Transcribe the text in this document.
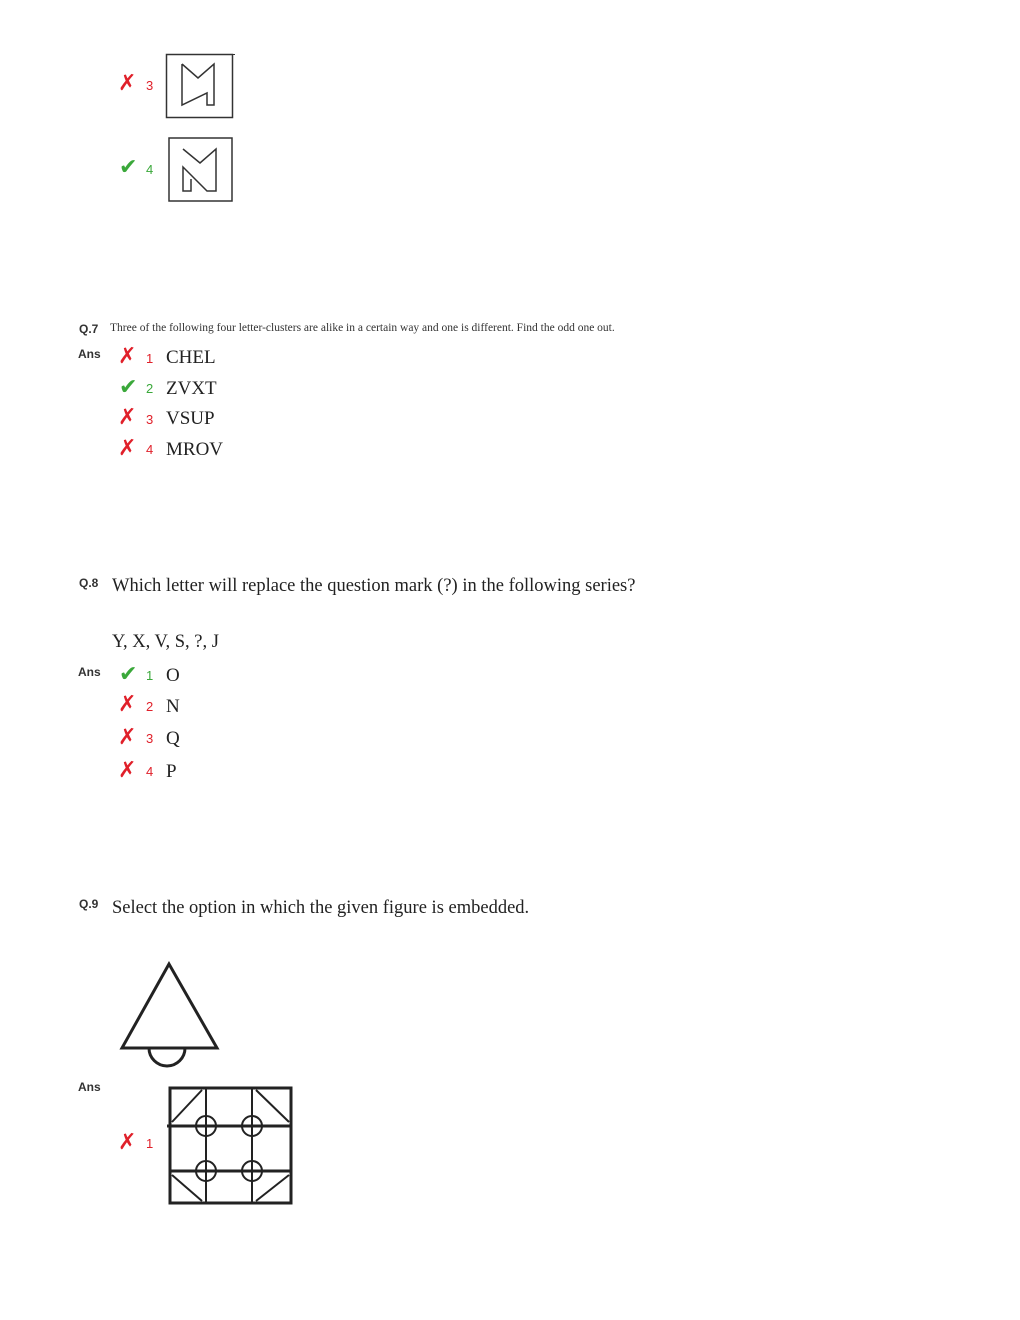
✗ 3
✔ 4
Q.7 Three of the following four letter-clusters are alike in a certain way and one is different. Find the odd one out.
Ans ✗ 1 CHEL
✔ 2 ZVXT
✗ 3 VSUP
✗ 4 MROV
Q.8 Which letter will replace the question mark (?) in the following series?
Y, X, V, S, ?, J
Ans ✔ 1 O
✗ 2 N
✗ 3 Q
✗ 4 P
Q.9 Select the option in which the given figure is embedded.
Ans
✗ 1
